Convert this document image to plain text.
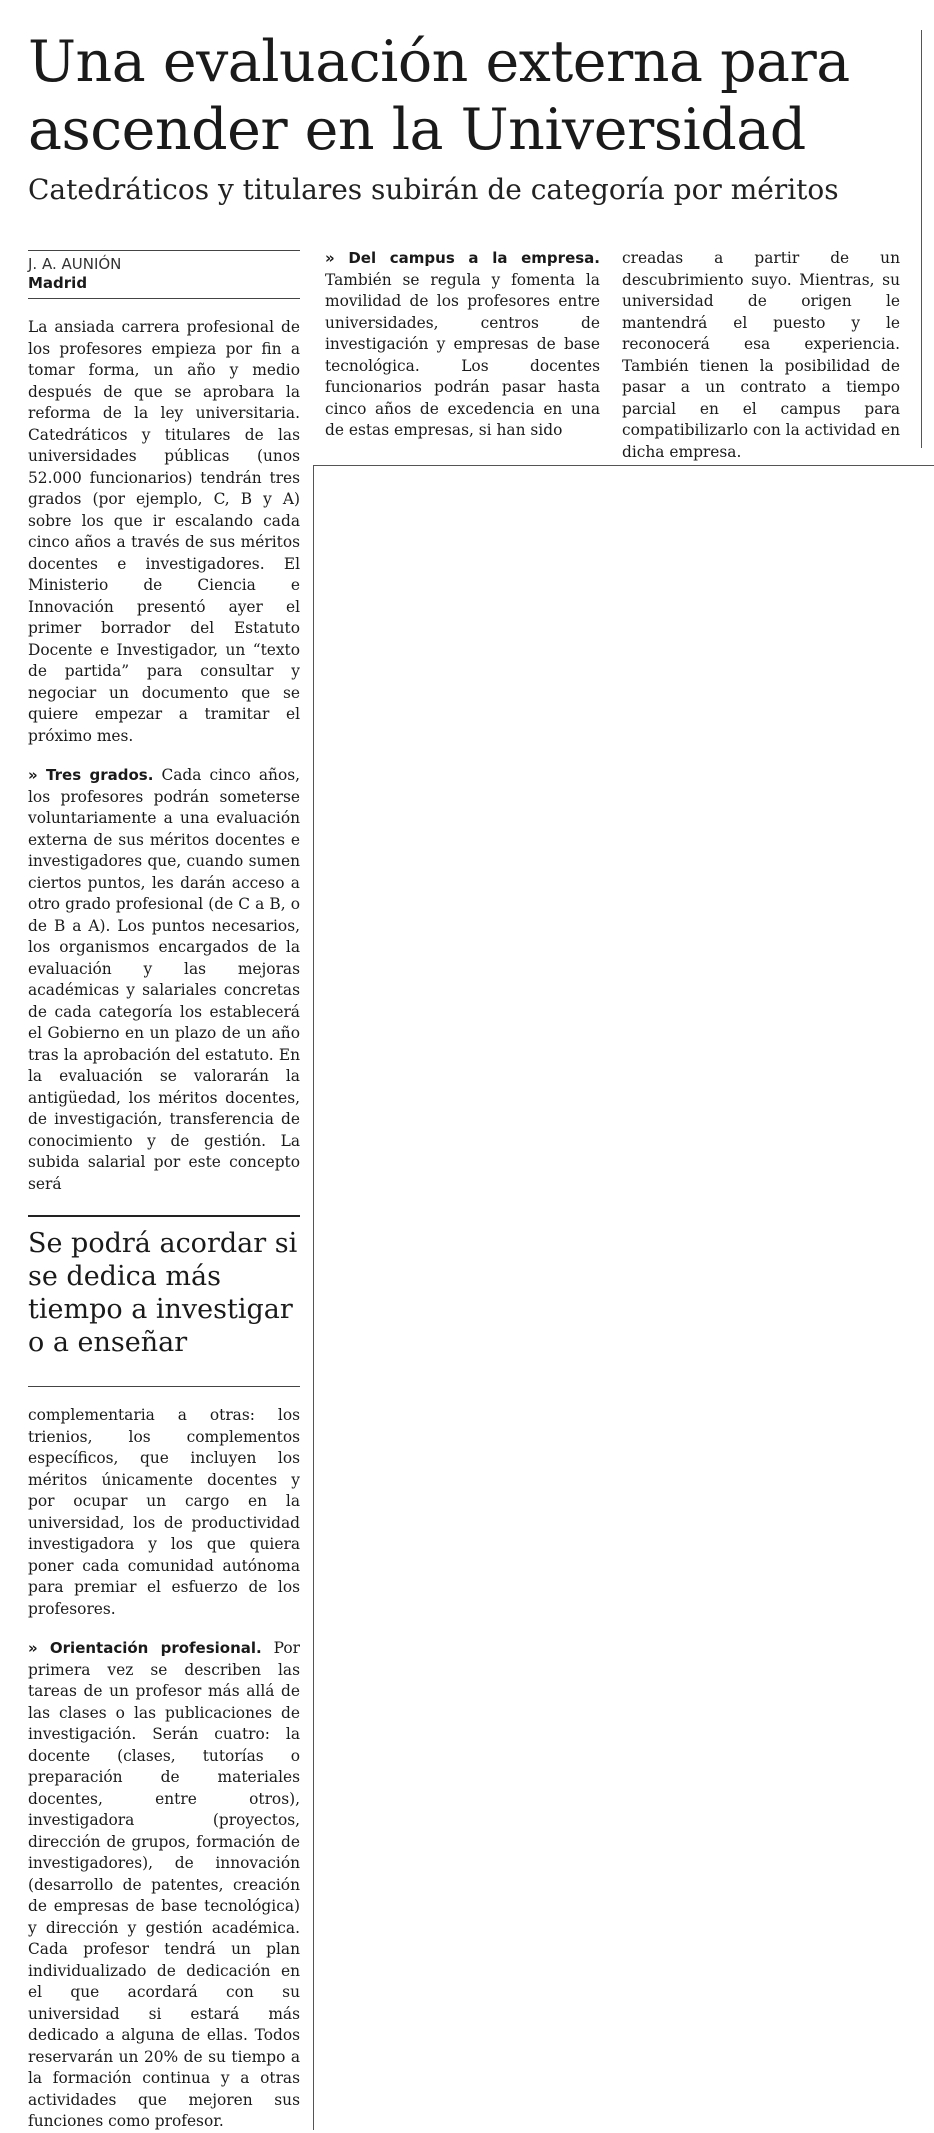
Una evaluación externa para ascender en la Universidad
Catedráticos y titulares subirán de categoría por méritos
J. A. AUNIÓN
Madrid

La ansiada carrera profesional de los profesores empieza por fin a tomar forma, un año y medio después de que se aprobara la reforma de la ley universitaria. Catedráticos y titulares de las universidades públicas (unos 52.000 funcionarios) tendrán tres grados (por ejemplo, C, B y A) sobre los que ir escalando cada cinco años a través de sus méritos docentes e investigadores. El Ministerio de Ciencia e Innovación presentó ayer el primer borrador del Estatuto Docente e Investigador, un “texto de partida” para consultar y negociar un documento que se quiere empezar a tramitar el próximo mes.

» Tres grados. Cada cinco años, los profesores podrán someterse voluntariamente a una evaluación externa de sus méritos docentes e investigadores que, cuando sumen ciertos puntos, les darán acceso a otro grado profesional (de C a B, o de B a A). Los puntos necesarios, los organismos encargados de la evaluación y las mejoras académicas y salariales concretas de cada categoría los establecerá el Gobierno en un plazo de un año tras la aprobación del estatuto. En la evaluación se valorarán la antigüedad, los méritos docentes, de investigación, transferencia de conocimiento y de gestión. La subida salarial por este concepto será

Se podrá acordar si se dedica más tiempo a investigar o a enseñar

complementaria a otras: los trienios, los complementos específicos, que incluyen los méritos únicamente docentes y por ocupar un cargo en la universidad, los de productividad investigadora y los que quiera poner cada comunidad autónoma para premiar el esfuerzo de los profesores.

» Orientación profesional. Por primera vez se describen las tareas de un profesor más allá de las clases o las publicaciones de investigación. Serán cuatro: la docente (clases, tutorías o preparación de materiales docentes, entre otros), investigadora (proyectos, dirección de grupos, formación de investigadores), de innovación (desarrollo de patentes, creación de empresas de base tecnológica) y dirección y gestión académica. Cada profesor tendrá un plan individualizado de dedicación en el que acordará con su universidad si estará más dedicado a alguna de ellas. Todos reservarán un 20% de su tiempo a la formación continua y a otras actividades que mejoren sus funciones como profesor.

» Del campus a la empresa. También se regula y fomenta la movilidad de los profesores entre universidades, centros de investigación y empresas de base tecnológica. Los docentes funcionarios podrán pasar hasta cinco años de excedencia en una de estas empresas, si han sido

creadas a partir de un descubrimiento suyo. Mientras, su universidad de origen le mantendrá el puesto y le reconocerá esa experiencia. También tienen la posibilidad de pasar a un contrato a tiempo parcial en el campus para compatibilizarlo con la actividad en dicha empresa.
